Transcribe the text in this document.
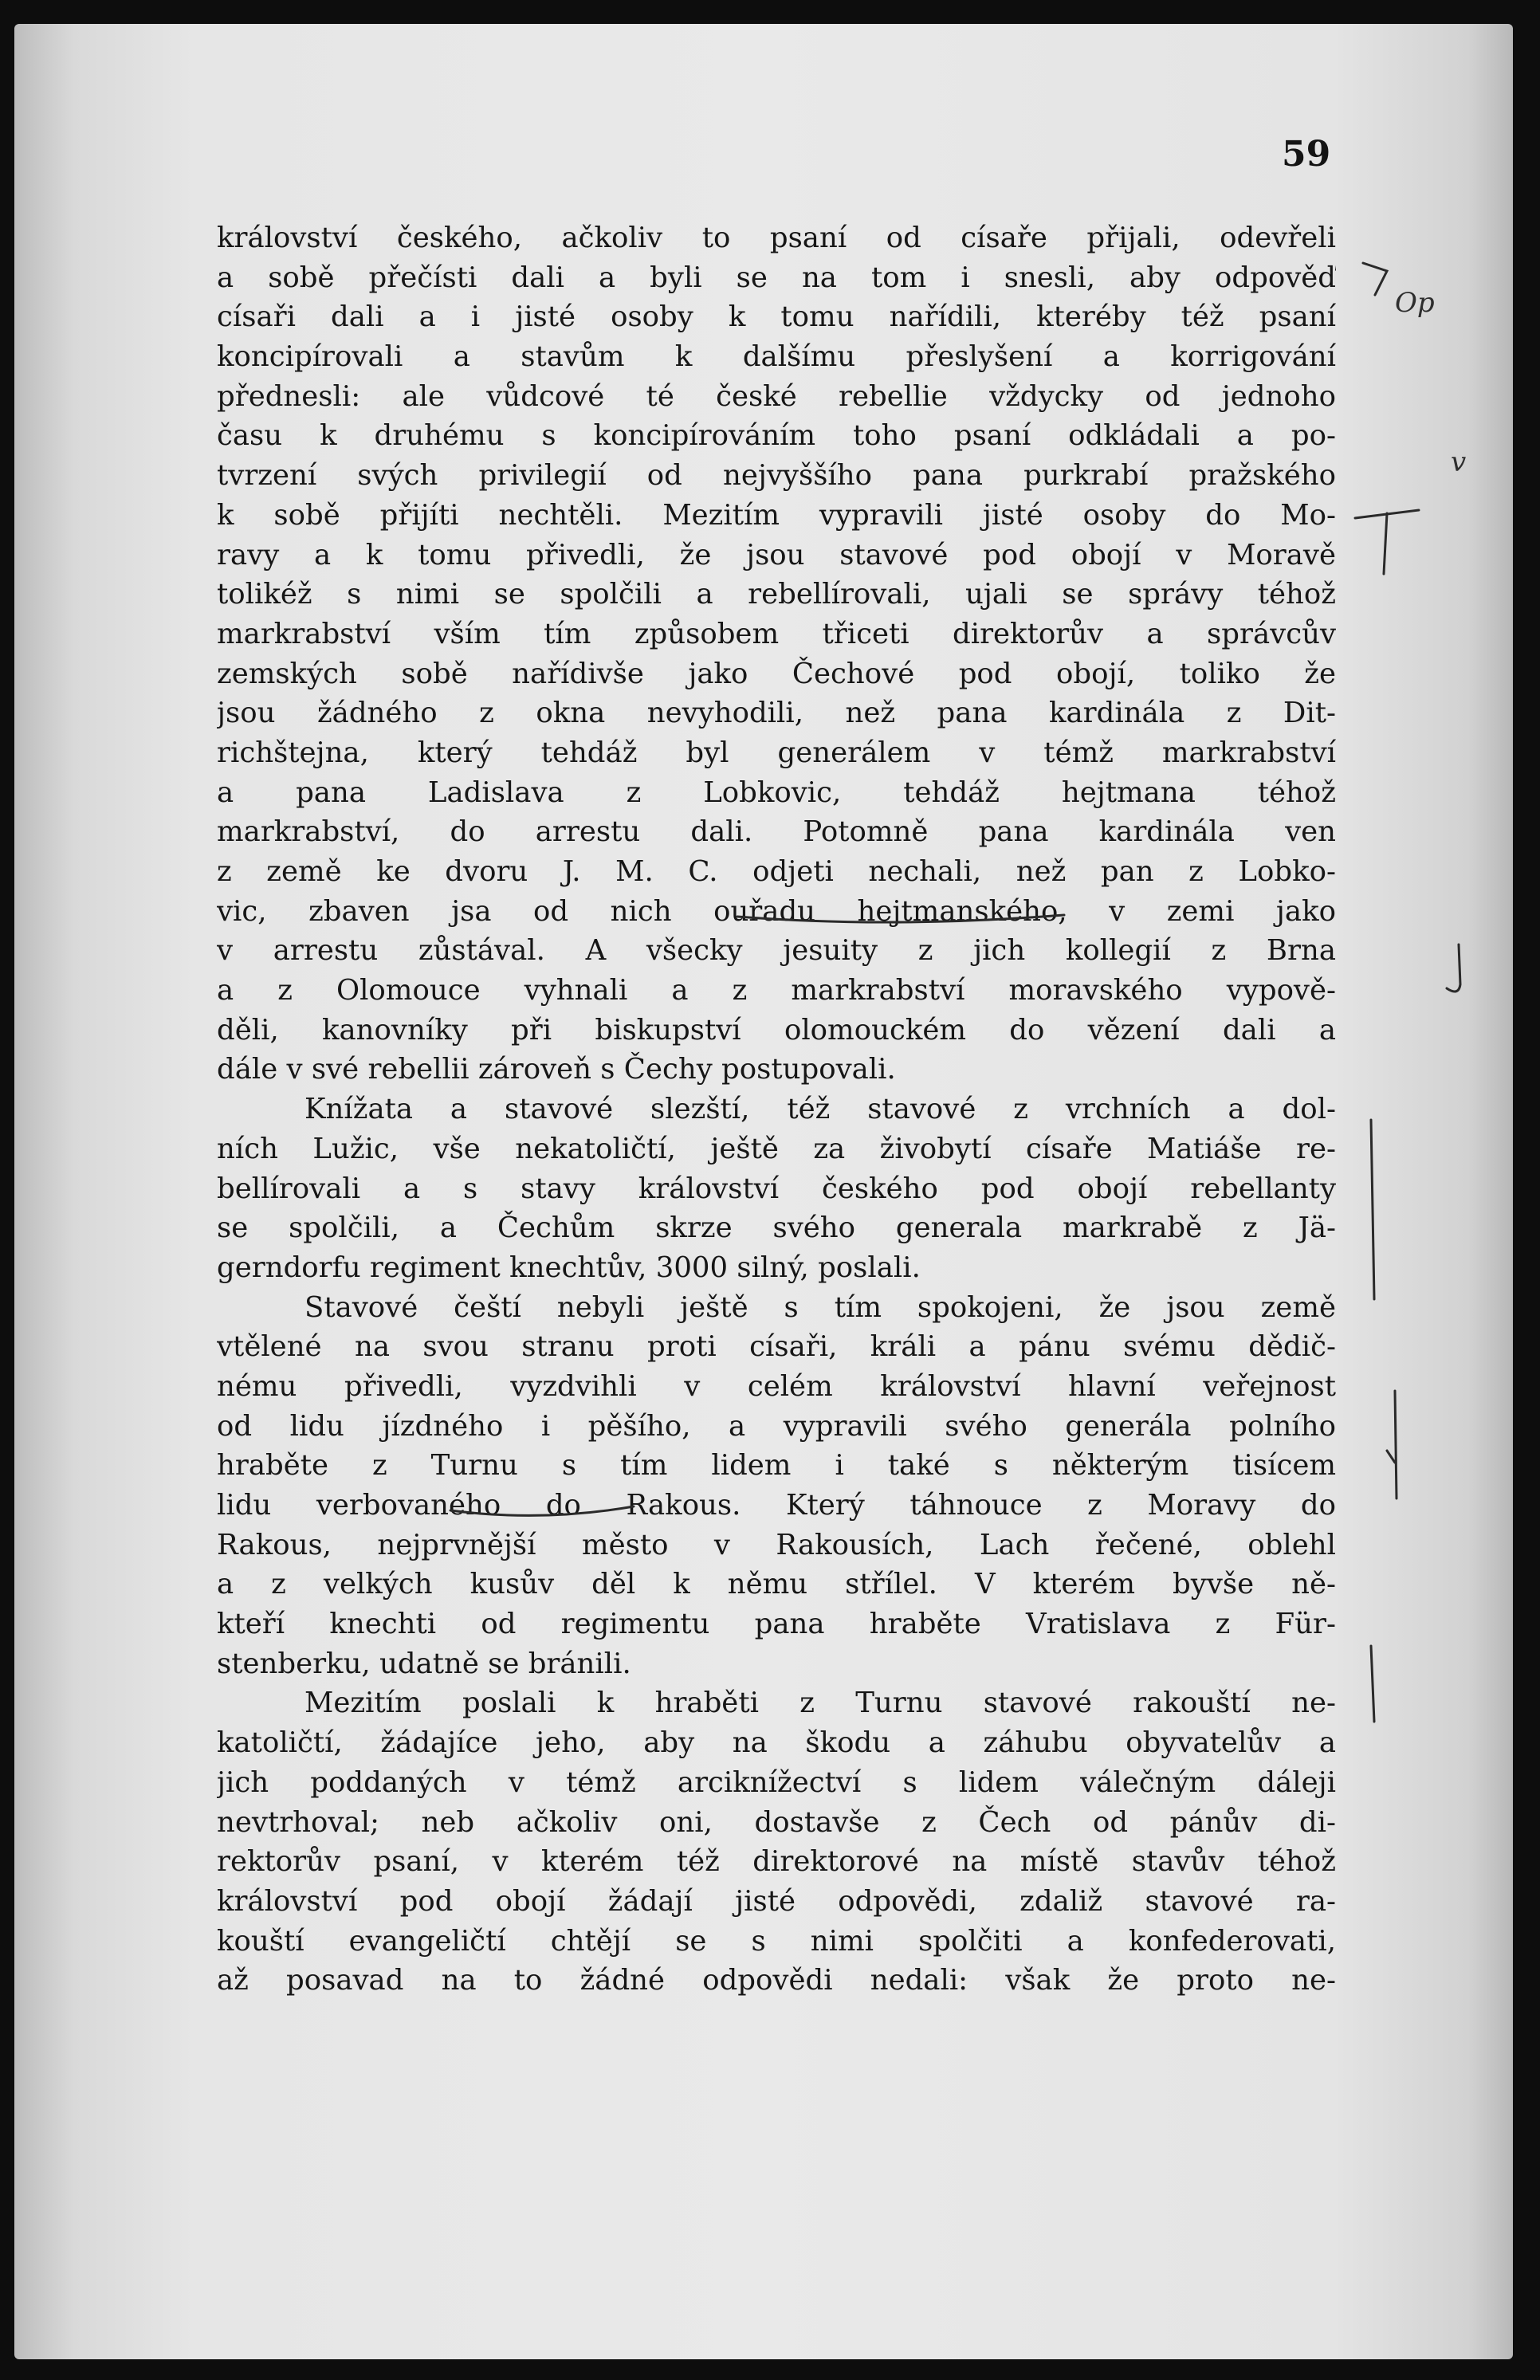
59

království českého, ačkoliv to psaní od císaře přijali, odevřeli
a sobě přečísti dali a byli se na tom i snesli, aby odpověď
císaři dali a i jisté osoby k tomu nařídili, kteréby též psaní
koncipírovali a stavům k dalšímu přeslyšení a korrigování
přednesli: ale vůdcové té české rebellie vždycky od jednoho
času k druhému s koncipírováním toho psaní odkládali a po-
tvrzení svých privilegií od nejvyššího pana purkrabí pražského
k sobě přijíti nechtěli. Mezitím vypravili jisté osoby do Mo-
ravy a k tomu přivedli, že jsou stavové pod obojí v Moravě
tolikéž s nimi se spolčili a rebellírovali, ujali se správy téhož
markrabství vším tím způsobem třiceti direktorův a správcův
zemských sobě nařídivše jako Čechové pod obojí, toliko že
jsou žádného z okna nevyhodili, než pana kardinála z Dit-
richštejna, který tehdáž byl generálem v témž markrabství
a pana Ladislava z Lobkovic, tehdáž hejtmana téhož
markrabství, do arrestu dali. Potomně pana kardinála ven
z země ke dvoru J. M. C. odjeti nechali, než pan z Lobko-
vic, zbaven jsa od nich ouřadu hejtmanského, v zemi jako
v arrestu zůstával. A všecky jesuity z jich kollegií z Brna
a z Olomouce vyhnali a z markrabství moravského vypově-
děli, kanovníky při biskupství olomouckém do vězení dali a
dále v své rebellii zároveň s Čechy postupovali.
Knížata a stavové slezští, též stavové z vrchních a dol-
ních Lužic, vše nekatoličtí, ještě za živobytí císaře Matiáše re-
bellírovali a s stavy království českého pod obojí rebellanty
se spolčili, a Čechům skrze svého generala markrabě z Jä-
gerndorfu regiment knechtův, 3000 silný, poslali.
Stavové čeští nebyli ještě s tím spokojeni, že jsou země
vtělené na svou stranu proti císaři, králi a pánu svému dědič-
nému přivedli, vyzdvihli v celém království hlavní veřejnost
od lidu jízdného i pěšího, a vypravili svého generála polního
hraběte z Turnu s tím lidem i také s některým tisícem
lidu verbovaného do Rakous. Který táhnouce z Moravy do
Rakous, nejprvnější město v Rakousích, Lach řečené, oblehl
a z velkých kusův děl k němu střílel. V kterém byvše ně-
kteří knechti od regimentu pana hraběte Vratislava z Für-
stenberku, udatně se bránili.
Mezitím poslali k hraběti z Turnu stavové rakouští ne-
katoličtí, žádajíce jeho, aby na škodu a záhubu obyvatelův a
jich poddaných v témž arciknížectví s lidem válečným dáleji
nevtrhoval; neb ačkoliv oni, dostavše z Čech od pánův di-
rektorův psaní, v kterém též direktorové na místě stavův téhož
království pod obojí žádají jisté odpovědi, zdaliž stavové ra-
kouští evangeličtí chtějí se s nimi spolčiti a konfederovati,
až posavad na to žádné odpovědi nedali: však že proto ne-

Op

v
